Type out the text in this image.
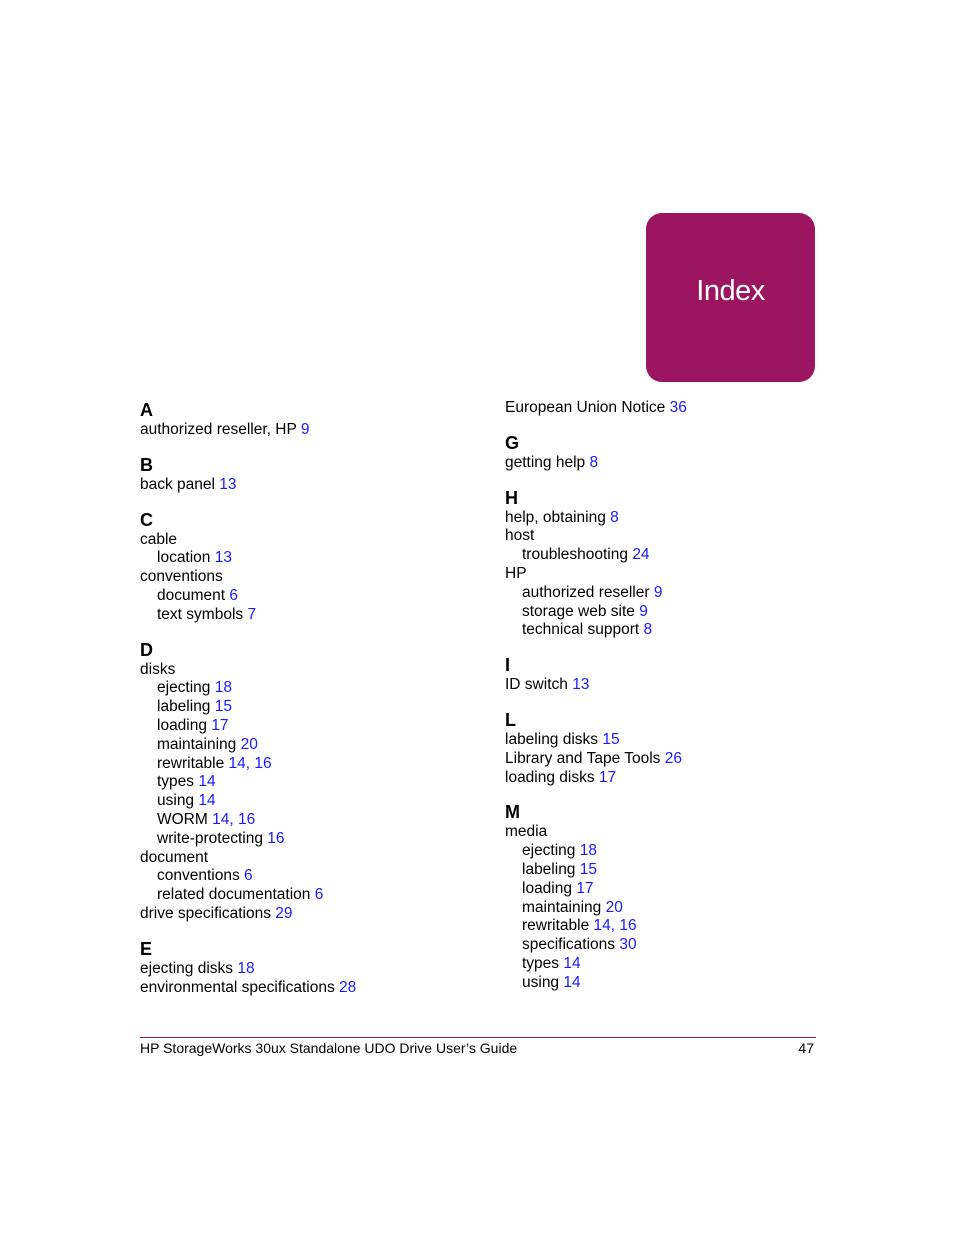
Index
A
authorized reseller, HP 9
B
back panel 13
C
cable
location 13
conventions
document 6
text symbols 7
D
disks
ejecting 18
labeling 15
loading 17
maintaining 20
rewritable 14, 16
types 14
using 14
WORM 14, 16
write-protecting 16
document
conventions 6
related documentation 6
drive specifications 29
E
ejecting disks 18
environmental specifications 28
European Union Notice 36
G
getting help 8
H
help, obtaining 8
host
troubleshooting 24
HP
authorized reseller 9
storage web site 9
technical support 8
I
ID switch 13
L
labeling disks 15
Library and Tape Tools 26
loading disks 17
M
media
ejecting 18
labeling 15
loading 17
maintaining 20
rewritable 14, 16
specifications 30
types 14
using 14
HP StorageWorks 30ux Standalone UDO Drive User’s Guide	47
